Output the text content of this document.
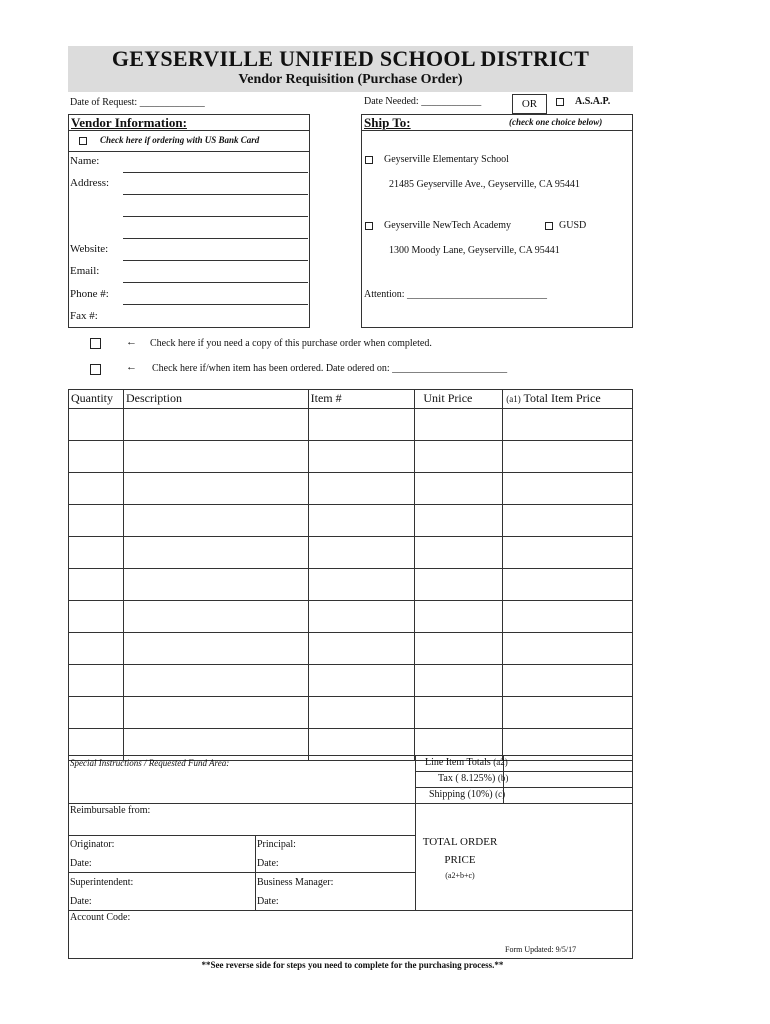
GEYSERVILLE UNIFIED SCHOOL DISTRICT
Vendor Requisition (Purchase Order)
Date of Request: _____________	Date Needed: ____________	OR	A.S.A.P.
Vendor Information:
Check here if ordering with US Bank Card
Name:
Address:
Website:
Email:
Phone #:
Fax #:
Ship To:	(check one choice below)
Geyserville Elementary School
21485 Geyserville Ave., Geyserville, CA 95441
Geyserville NewTech Academy	GUSD
1300 Moody Lane, Geyserville, CA 95441
Attention: ____________________________
← Check here if you need a copy of this purchase order when completed.
← Check here if/when item has been ordered. Date odered on: _______________________
Quantity	Description	Item #	Unit Price	(a1) Total Item Price

Special Instructions / Requested Fund Area:	Line Item Totals (a2)
Tax ( 8.125%) (b)
Shipping (10%) (c)
Reimbursable from:
TOTAL ORDER
PRICE
(a2+b+c)
Originator:
Date:
Principal:
Date:
Superintendent:
Date:
Business Manager:
Date:
Account Code:
Form Updated: 9/5/17
**See reverse side for steps you need to complete for the purchasing process.**
